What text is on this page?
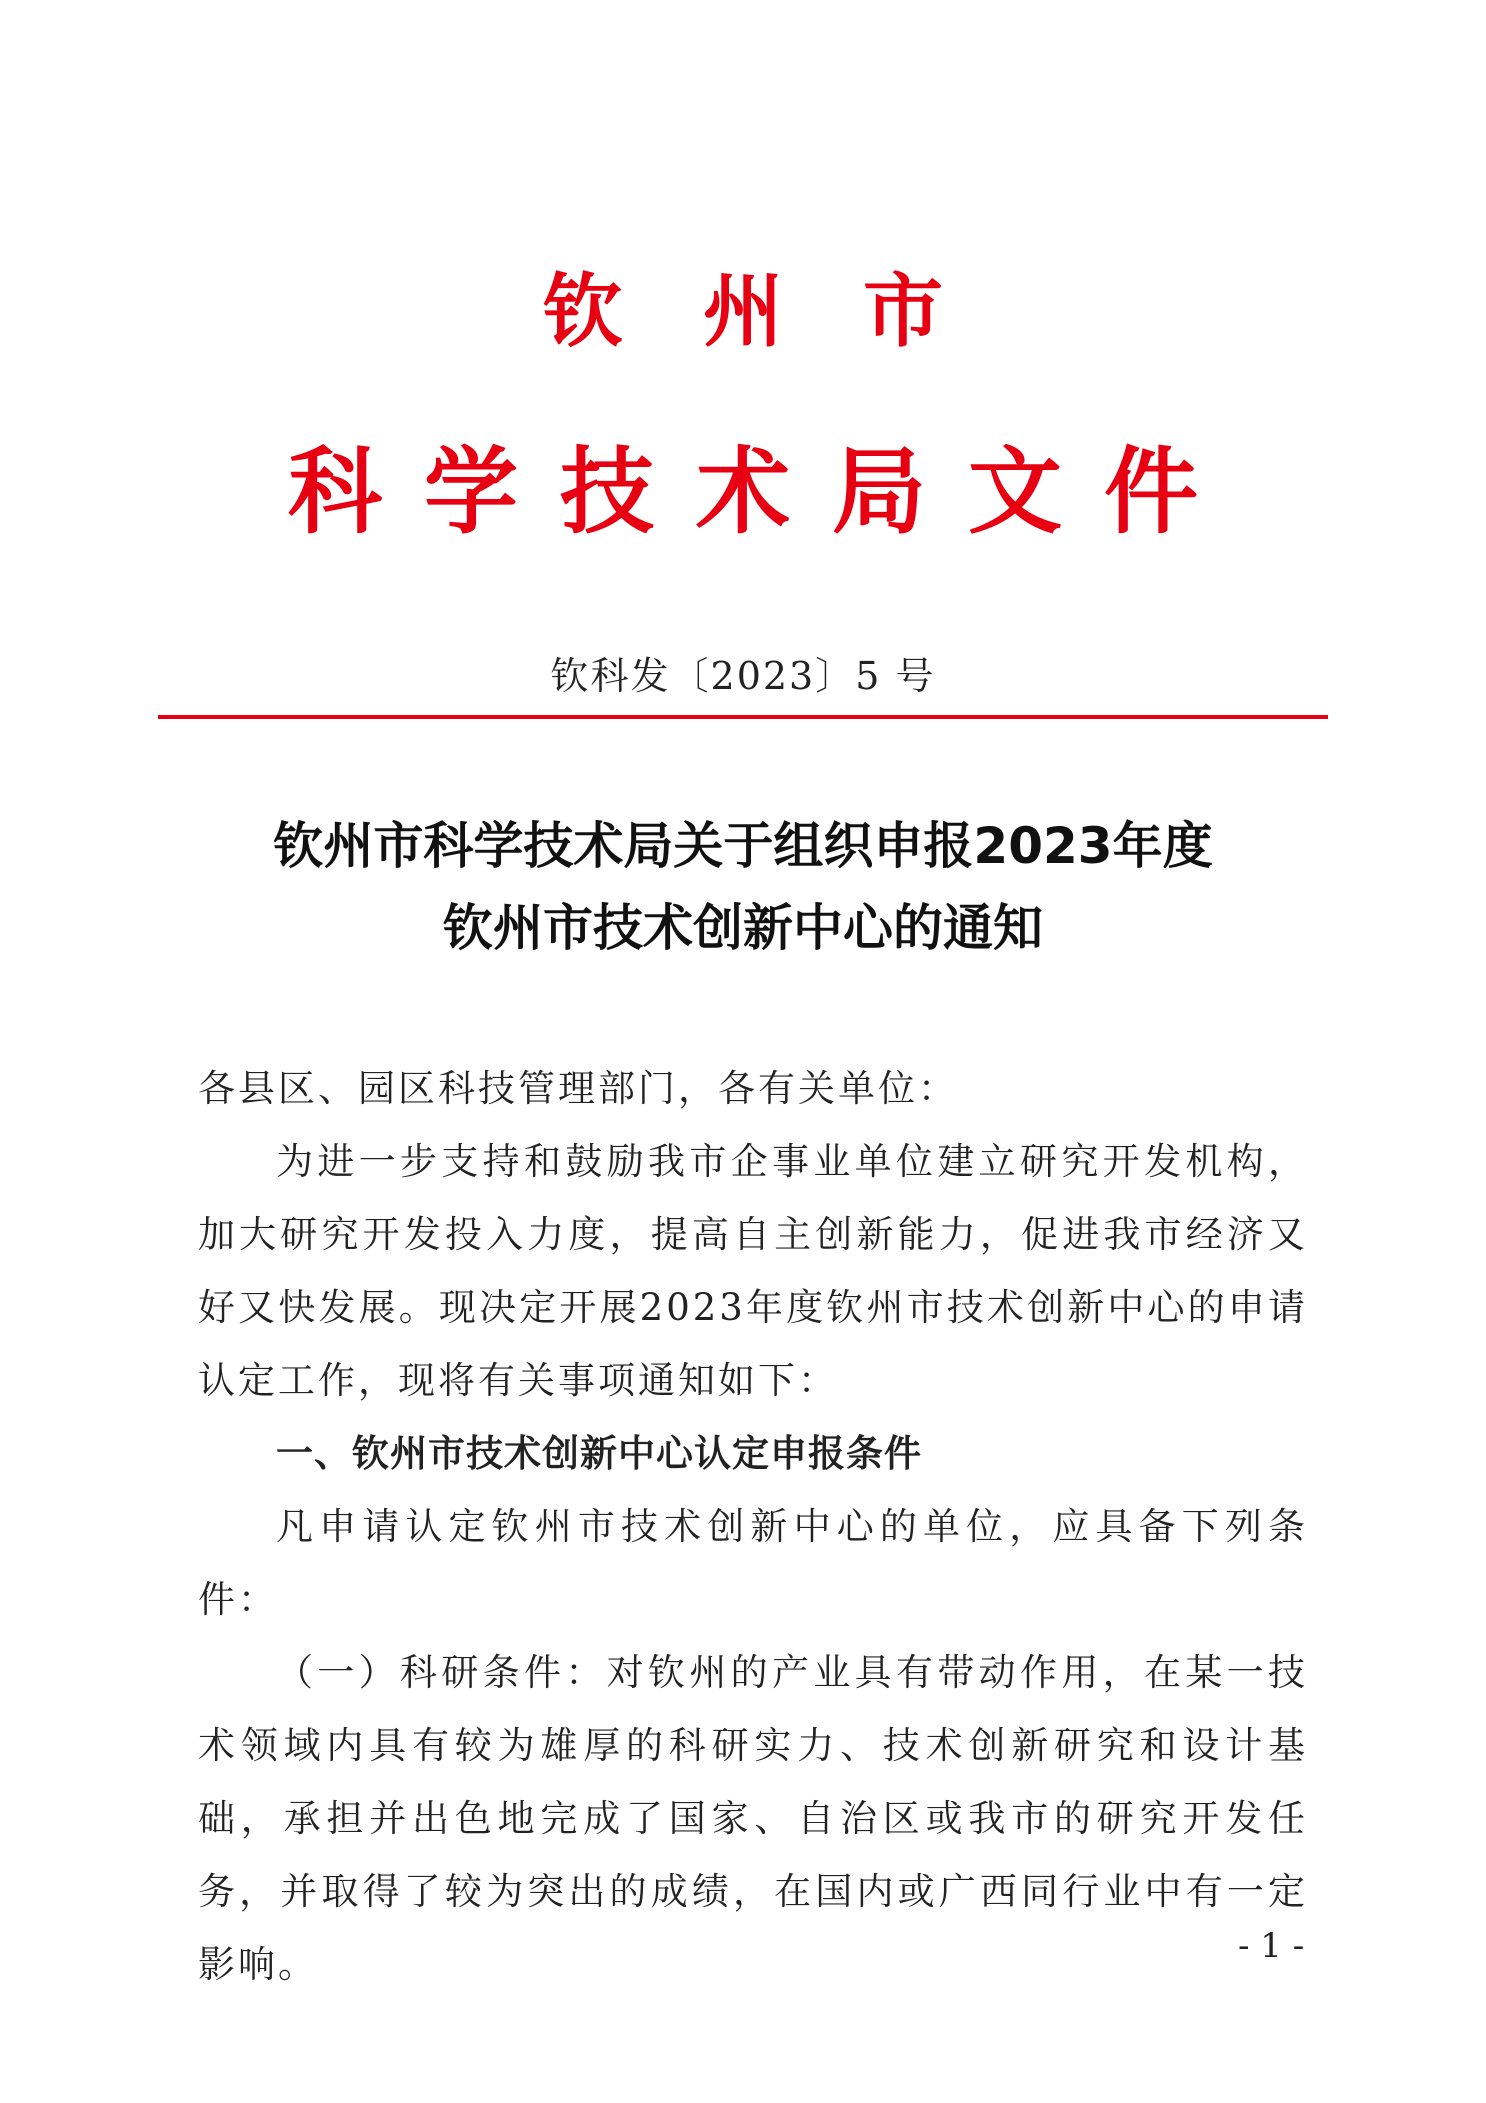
钦州市
科学技术局文件
钦科发〔2023〕5 号
钦州市科学技术局关于组织申报2023年度
钦州市技术创新中心的通知

各县区、园区科技管理部门，各有关单位：

为进一步支持和鼓励我市企事业单位建立研究开发机构，加大研究开发投入力度，提高自主创新能力，促进我市经济又好又快发展。现决定开展2023年度钦州市技术创新中心的申请认定工作，现将有关事项通知如下：

一、钦州市技术创新中心认定申报条件

凡申请认定钦州市技术创新中心的单位，应具备下列条件：

（一）科研条件：对钦州的产业具有带动作用，在某一技术领域内具有较为雄厚的科研实力、技术创新研究和设计基础，承担并出色地完成了国家、自治区或我市的研究开发任务，并取得了较为突出的成绩，在国内或广西同行业中有一定影响。	- 1 -
